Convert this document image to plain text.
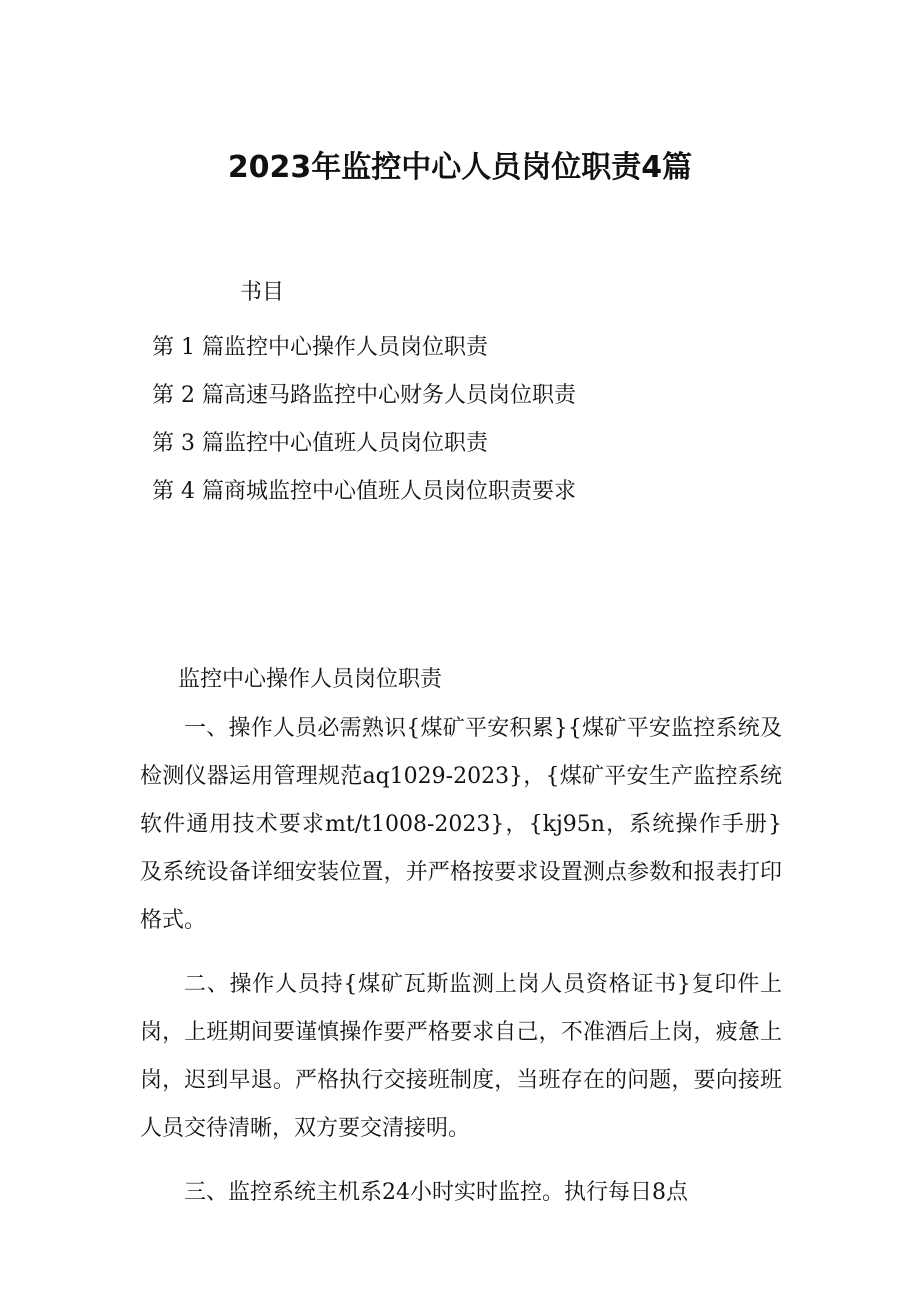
2023年监控中心人员岗位职责4篇
书目
第 1 篇监控中心操作人员岗位职责
第 2 篇高速马路监控中心财务人员岗位职责
第 3 篇监控中心值班人员岗位职责
第 4 篇商城监控中心值班人员岗位职责要求
监控中心操作人员岗位职责

一、操作人员必需熟识{煤矿平安积累}{煤矿平安监控系统及检测仪器运用管理规范aq1029-2023}，{煤矿平安生产监控系统软件通用技术要求mt/t1008-2023}，{kj95n，系统操作手册}及系统设备详细安装位置，并严格按要求设置测点参数和报表打印格式。

二、操作人员持{煤矿瓦斯监测上岗人员资格证书}复印件上岗，上班期间要谨慎操作要严格要求自己，不准酒后上岗，疲惫上岗，迟到早退。严格执行交接班制度，当班存在的问题，要向接班人员交待清晰，双方要交清接明。

三、监控系统主机系24小时实时监控。执行每日8点
